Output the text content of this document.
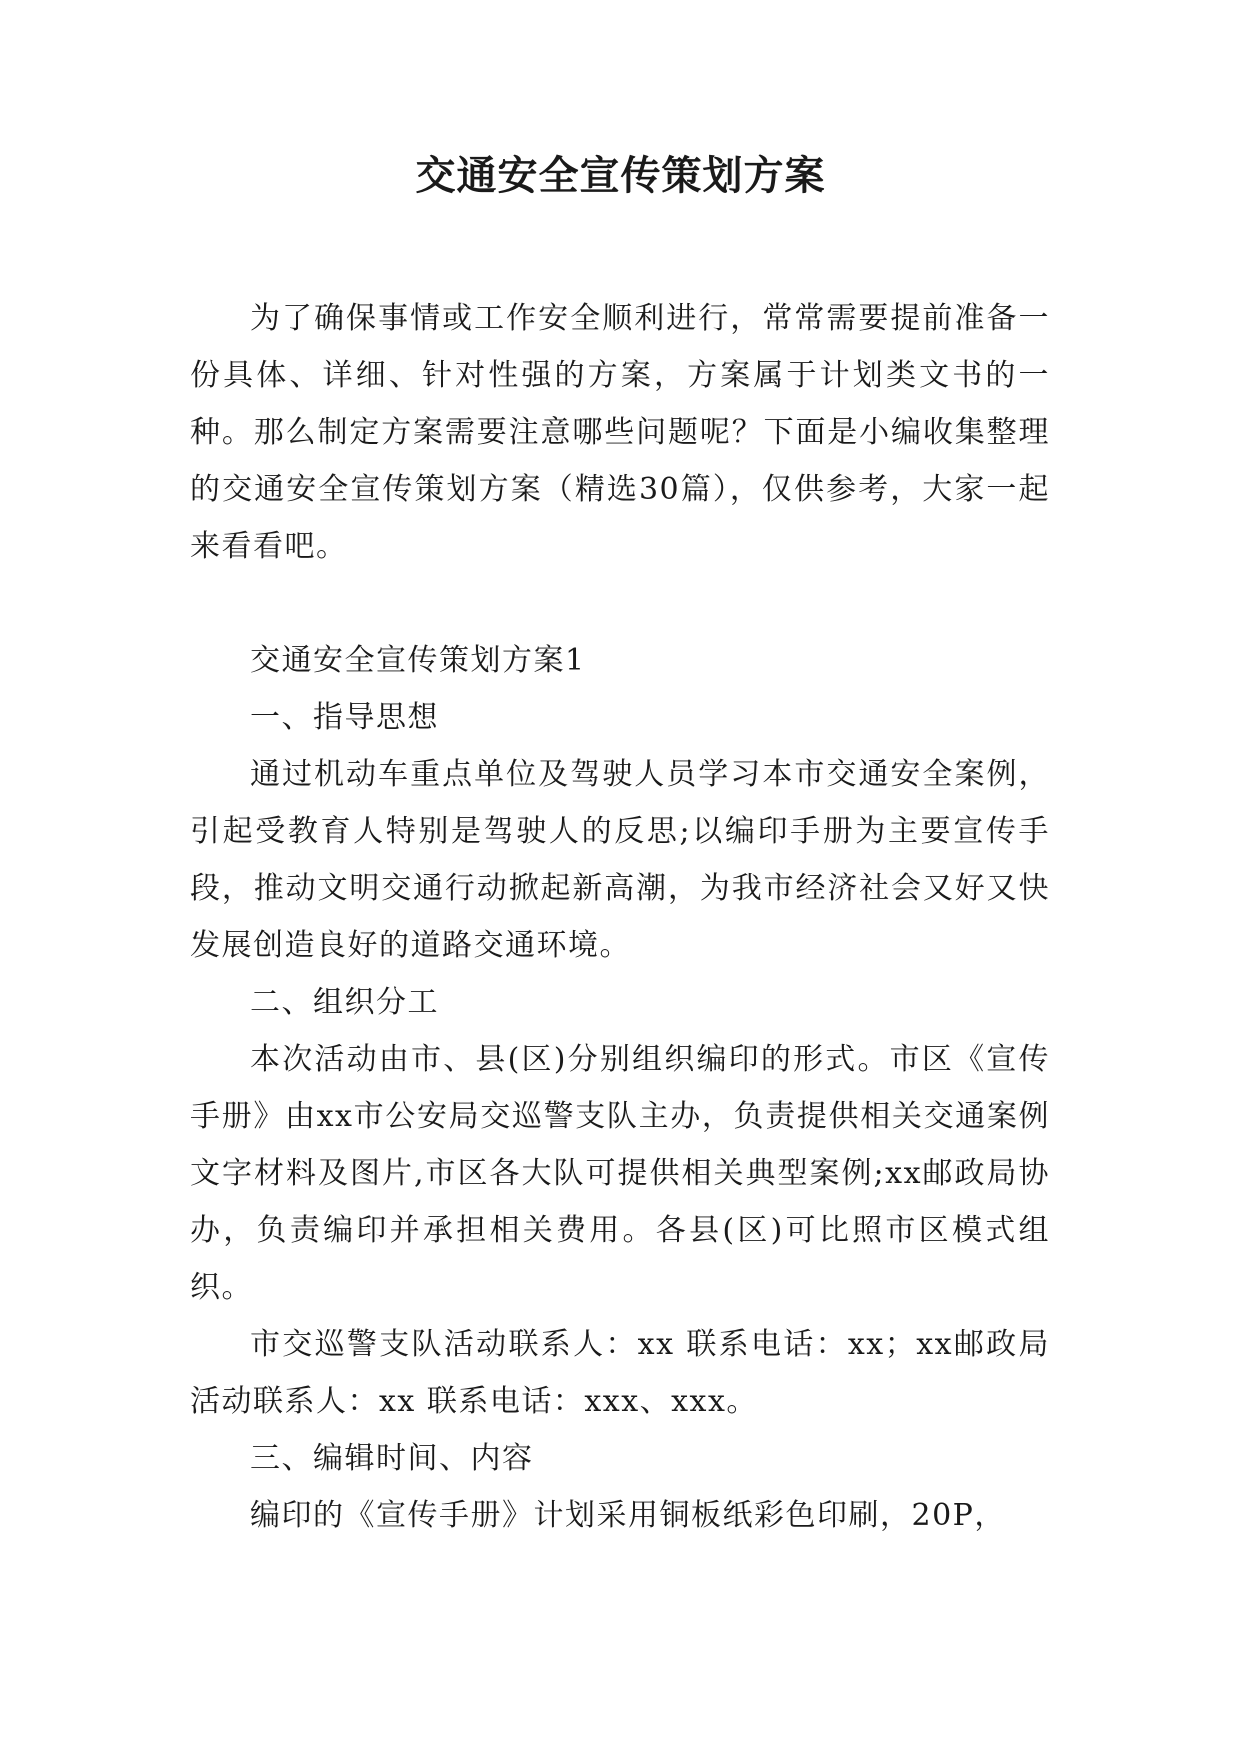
交通安全宣传策划方案

为了确保事情或工作安全顺利进行，常常需要提前准备一份具体、详细、针对性强的方案，方案属于计划类文书的一种。那么制定方案需要注意哪些问题呢？下面是小编收集整理的交通安全宣传策划方案（精选30篇），仅供参考，大家一起来看看吧。

交通安全宣传策划方案1

一、指导思想

通过机动车重点单位及驾驶人员学习本市交通安全案例，引起受教育人特别是驾驶人的反思;以编印手册为主要宣传手段，推动文明交通行动掀起新高潮，为我市经济社会又好又快发展创造良好的道路交通环境。

二、组织分工

本次活动由市、县(区)分别组织编印的形式。市区《宣传手册》由xx市公安局交巡警支队主办，负责提供相关交通案例文字材料及图片,市区各大队可提供相关典型案例;xx邮政局协办，负责编印并承担相关费用。各县(区)可比照市区模式组织。

市交巡警支队活动联系人：xx 联系电话：xx；xx邮政局活动联系人：xx 联系电话：xxx、xxx。

三、编辑时间、内容

编印的《宣传手册》计划采用铜板纸彩色印刷，20P，
